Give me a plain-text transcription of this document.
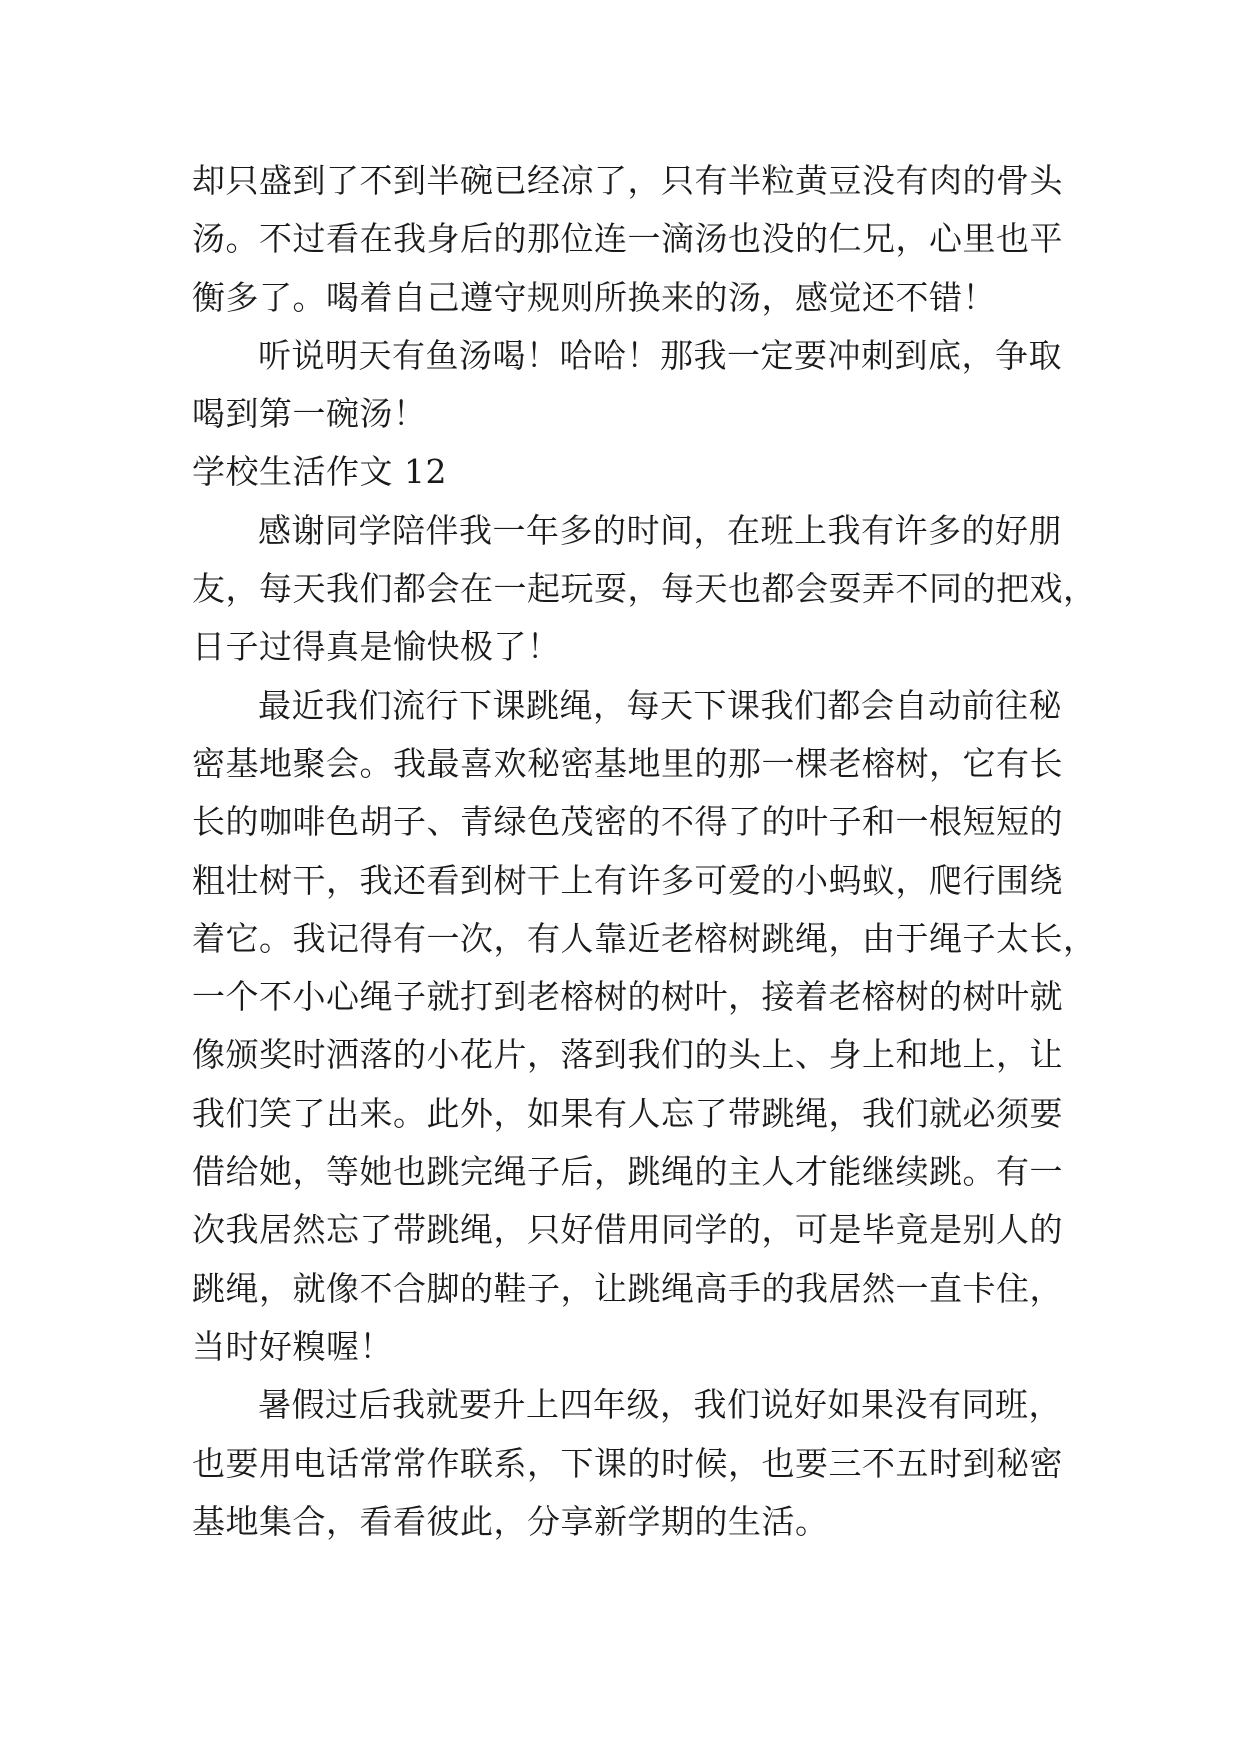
却只盛到了不到半碗已经凉了，只有半粒黄豆没有肉的骨头
汤。不过看在我身后的那位连一滴汤也没的仁兄，心里也平
衡多了。喝着自己遵守规则所换来的汤，感觉还不错！
听说明天有鱼汤喝！哈哈！那我一定要冲刺到底，争取
喝到第一碗汤！
学校生活作文 12
感谢同学陪伴我一年多的时间，在班上我有许多的好朋
友，每天我们都会在一起玩耍，每天也都会耍弄不同的把戏，
日子过得真是愉快极了！
最近我们流行下课跳绳，每天下课我们都会自动前往秘
密基地聚会。我最喜欢秘密基地里的那一棵老榕树，它有长
长的咖啡色胡子、青绿色茂密的不得了的叶子和一根短短的
粗壮树干，我还看到树干上有许多可爱的小蚂蚁，爬行围绕
着它。我记得有一次，有人靠近老榕树跳绳，由于绳子太长，
一个不小心绳子就打到老榕树的树叶，接着老榕树的树叶就
像颁奖时洒落的小花片，落到我们的头上、身上和地上，让
我们笑了出来。此外，如果有人忘了带跳绳，我们就必须要
借给她，等她也跳完绳子后，跳绳的主人才能继续跳。有一
次我居然忘了带跳绳，只好借用同学的，可是毕竟是别人的
跳绳，就像不合脚的鞋子，让跳绳高手的我居然一直卡住，
当时好糗喔！
暑假过后我就要升上四年级，我们说好如果没有同班，
也要用电话常常作联系，下课的时候，也要三不五时到秘密
基地集合，看看彼此，分享新学期的生活。
